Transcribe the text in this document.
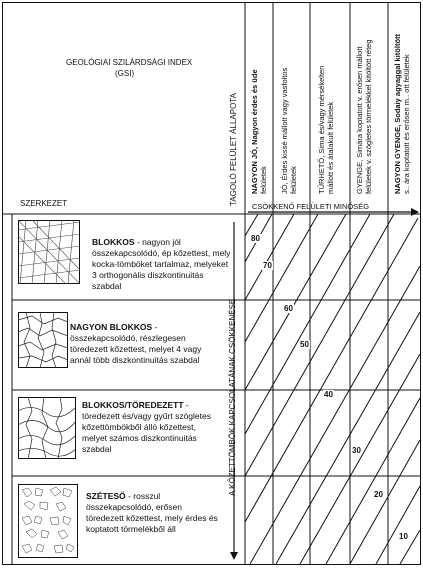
GEOLÓGIAI SZILÁRDSÁGI INDEX
(GSI)
SZERKEZET	TAGOLÓ FELÜLET ÁLLAPOTA
CSÖKKENŐ FELÜLETI MINŐSÉG
NAGYON JÓ, Nagyon érdes és üde felületek JÓ, Érdes kissé mállott vagy vasfoltos felületek	TŰRHETŐ, Sima és/vagy mérsékelten mállott és átalakult felületek	GYENGE, Simára koptatott v. erősen mállott felületek v. szögletes törmelékkel kitöltött réteg	NAGYON GYENGE, Sodaiy agyaggal kitöltött s.. ára koptatott és erősen m.. ott felületek
A KŐZETTÖMBÖK KAPCSOLATÁNAK CSÖKKENÉSE
BLOKKOS - nagyon jól
összekapcsolódó, ép kőzettest, mely
kocka-tömböket tartalmaz, melyeket
3 orthogonális diszkontinuitás
szabdal
NAGYON BLOKKOS -
összekapcsolódó, részlegesen
töredezett kőzettest, melyet 4 vagy
annál több diszkontinuitás szabdal
BLOKKOS/TÖREDEZETT -
töredezett és/vagy gyűrt szögletes
kőzettömbökből álló kőzettest,
melyet számos diszkontinuitás
szabdal
SZÉTESŐ - rosszul
összekapcsolódó, erősen
töredezett kőzettest, mely érdes és
koptatott törmelékből áll
80
70
60
50
40
30
20
10
